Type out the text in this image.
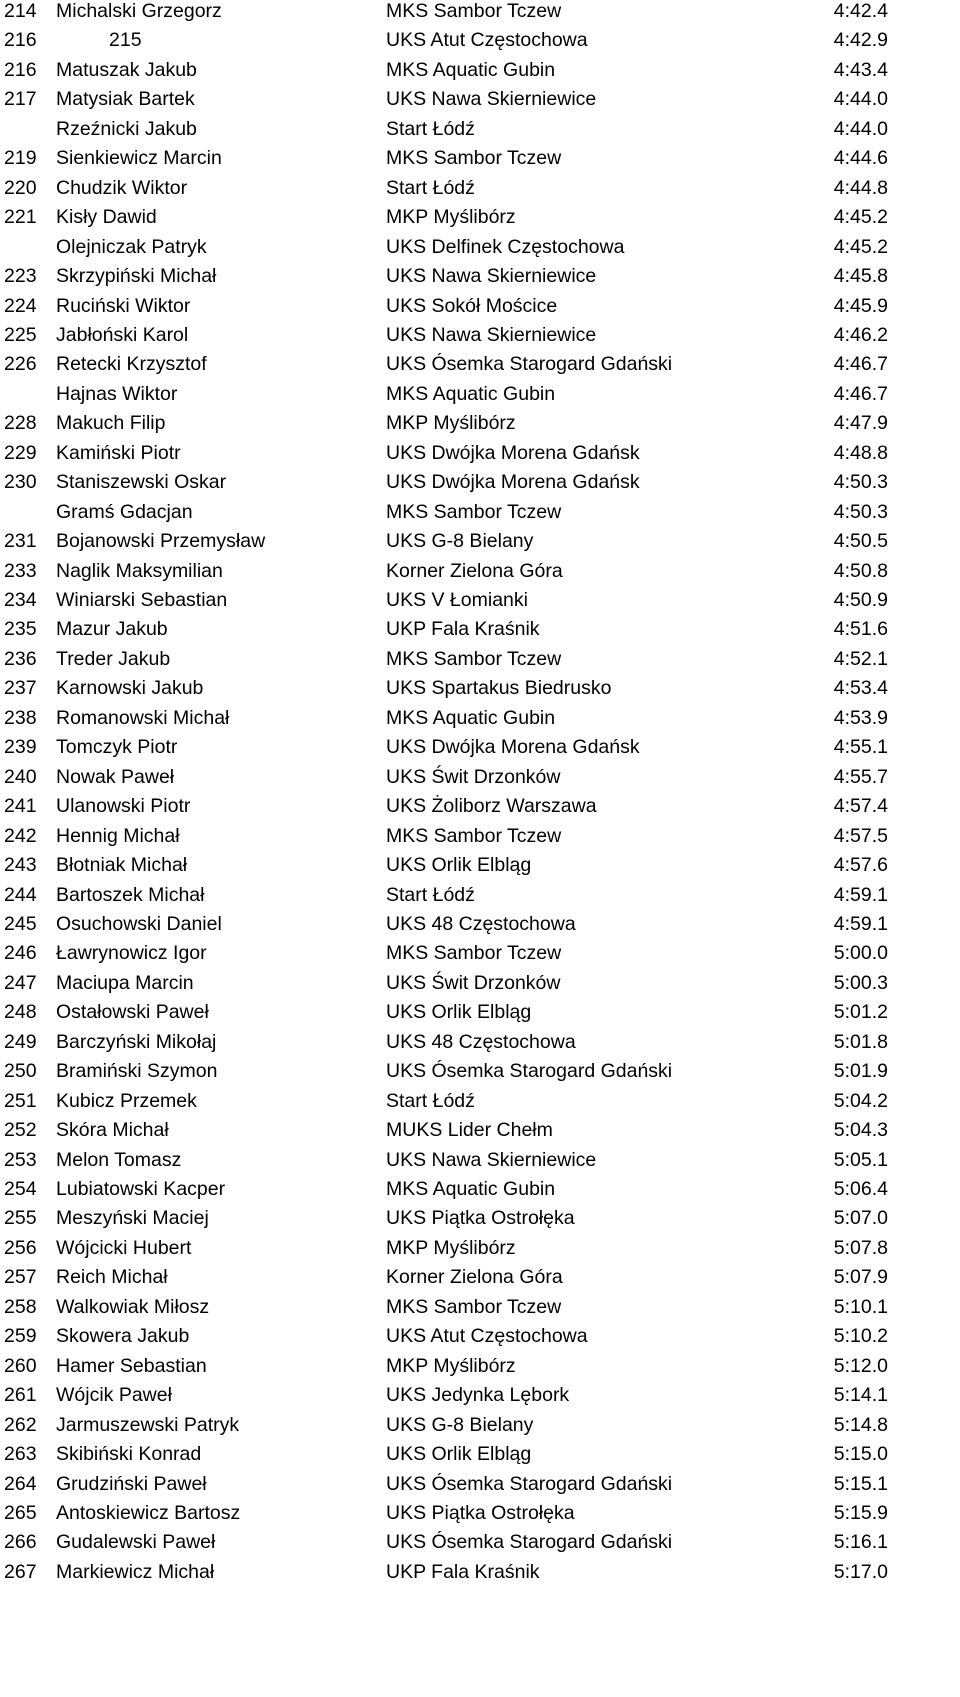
214 Michalski Grzegorz	MKS Sambor Tczew	4:42.4
216	215	UKS Atut Częstochowa	4:42.9
216 Matuszak Jakub	MKS Aquatic Gubin	4:43.4
217 Matysiak Bartek	UKS Nawa Skierniewice	4:44.0
Rzeźnicki Jakub	Start Łódź	4:44.0
219 Sienkiewicz Marcin	MKS Sambor Tczew	4:44.6
220 Chudzik Wiktor	Start Łódź	4:44.8
221 Kisły Dawid	MKP Myślibórz	4:45.2
Olejniczak Patryk	UKS Delfinek Częstochowa	4:45.2
223 Skrzypiński Michał	UKS Nawa Skierniewice	4:45.8
224 Ruciński Wiktor	UKS Sokół Mościce	4:45.9
225 Jabłoński Karol	UKS Nawa Skierniewice	4:46.2
226 Retecki Krzysztof	UKS Ósemka Starogard Gdański	4:46.7
Hajnas Wiktor	MKS Aquatic Gubin	4:46.7
228 Makuch Filip	MKP Myślibórz	4:47.9
229 Kamiński Piotr	UKS Dwójka Morena Gdańsk	4:48.8
230 Staniszewski Oskar	UKS Dwójka Morena Gdańsk	4:50.3
Gramś Gdacjan	MKS Sambor Tczew	4:50.3
231 Bojanowski Przemysław	UKS G-8 Bielany	4:50.5
233 Naglik Maksymilian	Korner Zielona Góra	4:50.8
234 Winiarski Sebastian	UKS V Łomianki	4:50.9
235 Mazur Jakub	UKP Fala Kraśnik	4:51.6
236 Treder Jakub	MKS Sambor Tczew	4:52.1
237 Karnowski Jakub	UKS Spartakus Biedrusko	4:53.4
238 Romanowski Michał	MKS Aquatic Gubin	4:53.9
239 Tomczyk Piotr	UKS Dwójka Morena Gdańsk	4:55.1
240 Nowak Paweł	UKS Świt Drzonków	4:55.7
241 Ulanowski Piotr	UKS Żoliborz Warszawa	4:57.4
242 Hennig Michał	MKS Sambor Tczew	4:57.5
243 Błotniak Michał	UKS Orlik Elbląg	4:57.6
244 Bartoszek Michał	Start Łódź	4:59.1
245 Osuchowski Daniel	UKS 48 Częstochowa	4:59.1
246 Ławrynowicz Igor	MKS Sambor Tczew	5:00.0
247 Maciupa Marcin	UKS Świt Drzonków	5:00.3
248 Ostałowski Paweł	UKS Orlik Elbląg	5:01.2
249 Barczyński Mikołaj	UKS 48 Częstochowa	5:01.8
250 Bramiński Szymon	UKS Ósemka Starogard Gdański	5:01.9
251 Kubicz Przemek	Start Łódź	5:04.2
252 Skóra Michał	MUKS Lider Chełm	5:04.3
253 Melon Tomasz	UKS Nawa Skierniewice	5:05.1
254 Lubiatowski Kacper	MKS Aquatic Gubin	5:06.4
255 Meszyński Maciej	UKS Piątka Ostrołęka	5:07.0
256 Wójcicki Hubert	MKP Myślibórz	5:07.8
257 Reich Michał	Korner Zielona Góra	5:07.9
258 Walkowiak Miłosz	MKS Sambor Tczew	5:10.1
259 Skowera Jakub	UKS Atut Częstochowa	5:10.2
260 Hamer Sebastian	MKP Myślibórz	5:12.0
261 Wójcik Paweł	UKS Jedynka Lębork	5:14.1
262 Jarmuszewski Patryk	UKS G-8 Bielany	5:14.8
263 Skibiński Konrad	UKS Orlik Elbląg	5:15.0
264 Grudziński Paweł	UKS Ósemka Starogard Gdański	5:15.1
265 Antoskiewicz Bartosz	UKS Piątka Ostrołęka	5:15.9
266 Gudalewski Paweł	UKS Ósemka Starogard Gdański	5:16.1
267 Markiewicz Michał	UKP Fala Kraśnik	5:17.0
